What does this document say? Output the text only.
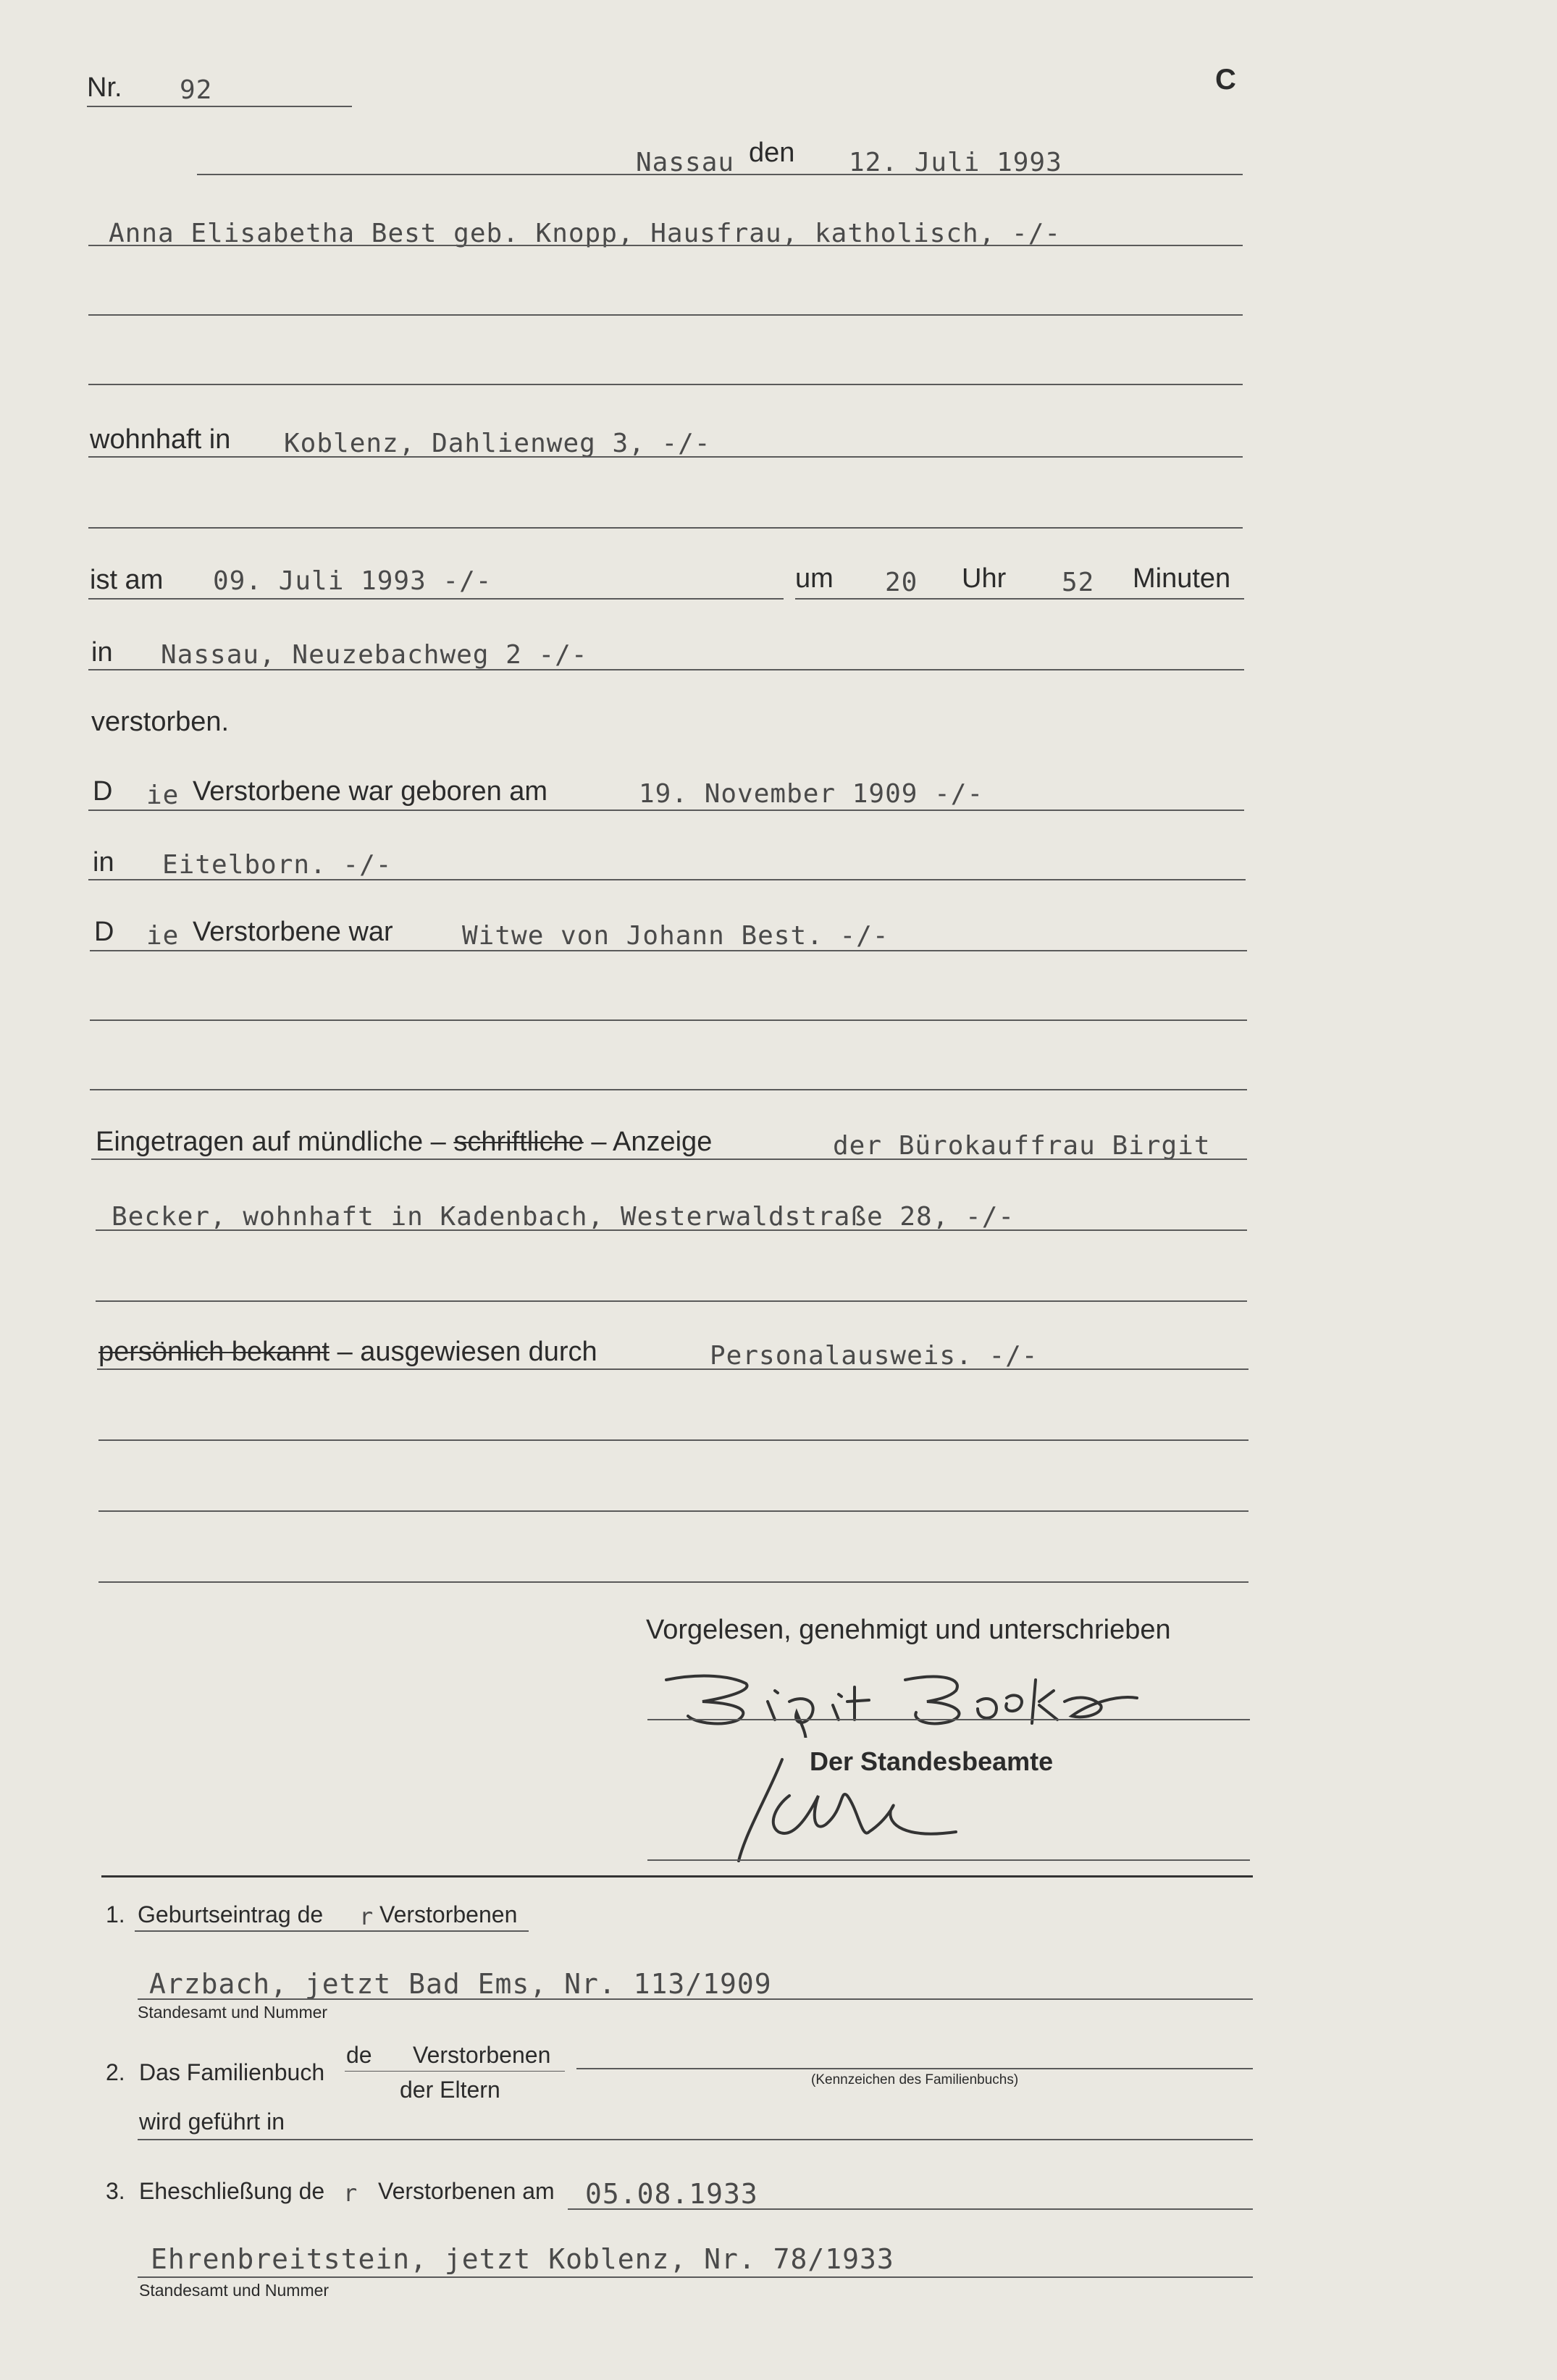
Nr. 92	C
Nassau den 12. Juli 1993
Anna Elisabetha Best geb. Knopp, Hausfrau, katholisch, -/-
wohnhaft in Koblenz, Dahlienweg 3, -/-
ist am 09. Juli 1993 -/-	um 20 Uhr 52 Minuten
in Nassau, Neuzebachweg 2 -/-
verstorben.
D ie Verstorbene war geboren am	19. November 1909 -/-
in Eitelborn. -/-
D ie Verstorbene war	Witwe von Johann Best. -/-
Eingetragen auf mündliche – schriftliche – Anzeige	der Bürokauffrau Birgit
Becker, wohnhaft in Kadenbach, Westerwaldstraße 28, -/-
persönlich bekannt – ausgewiesen durch	Personalausweis. -/-
Vorgelesen, genehmigt und unterschrieben
Der Standesbeamte
1. Geburtseintrag de r Verstorbenen
Arzbach, jetzt Bad Ems, Nr. 113/1909
Standesamt und Nummer
2. Das Familienbuch
de Verstorbenen
der Eltern	(Kennzeichen des Familienbuchs)
wird geführt in
3. Eheschließung de r Verstorbenen am 05.08.1933
Ehrenbreitstein, jetzt Koblenz, Nr. 78/1933
Standesamt und Nummer
